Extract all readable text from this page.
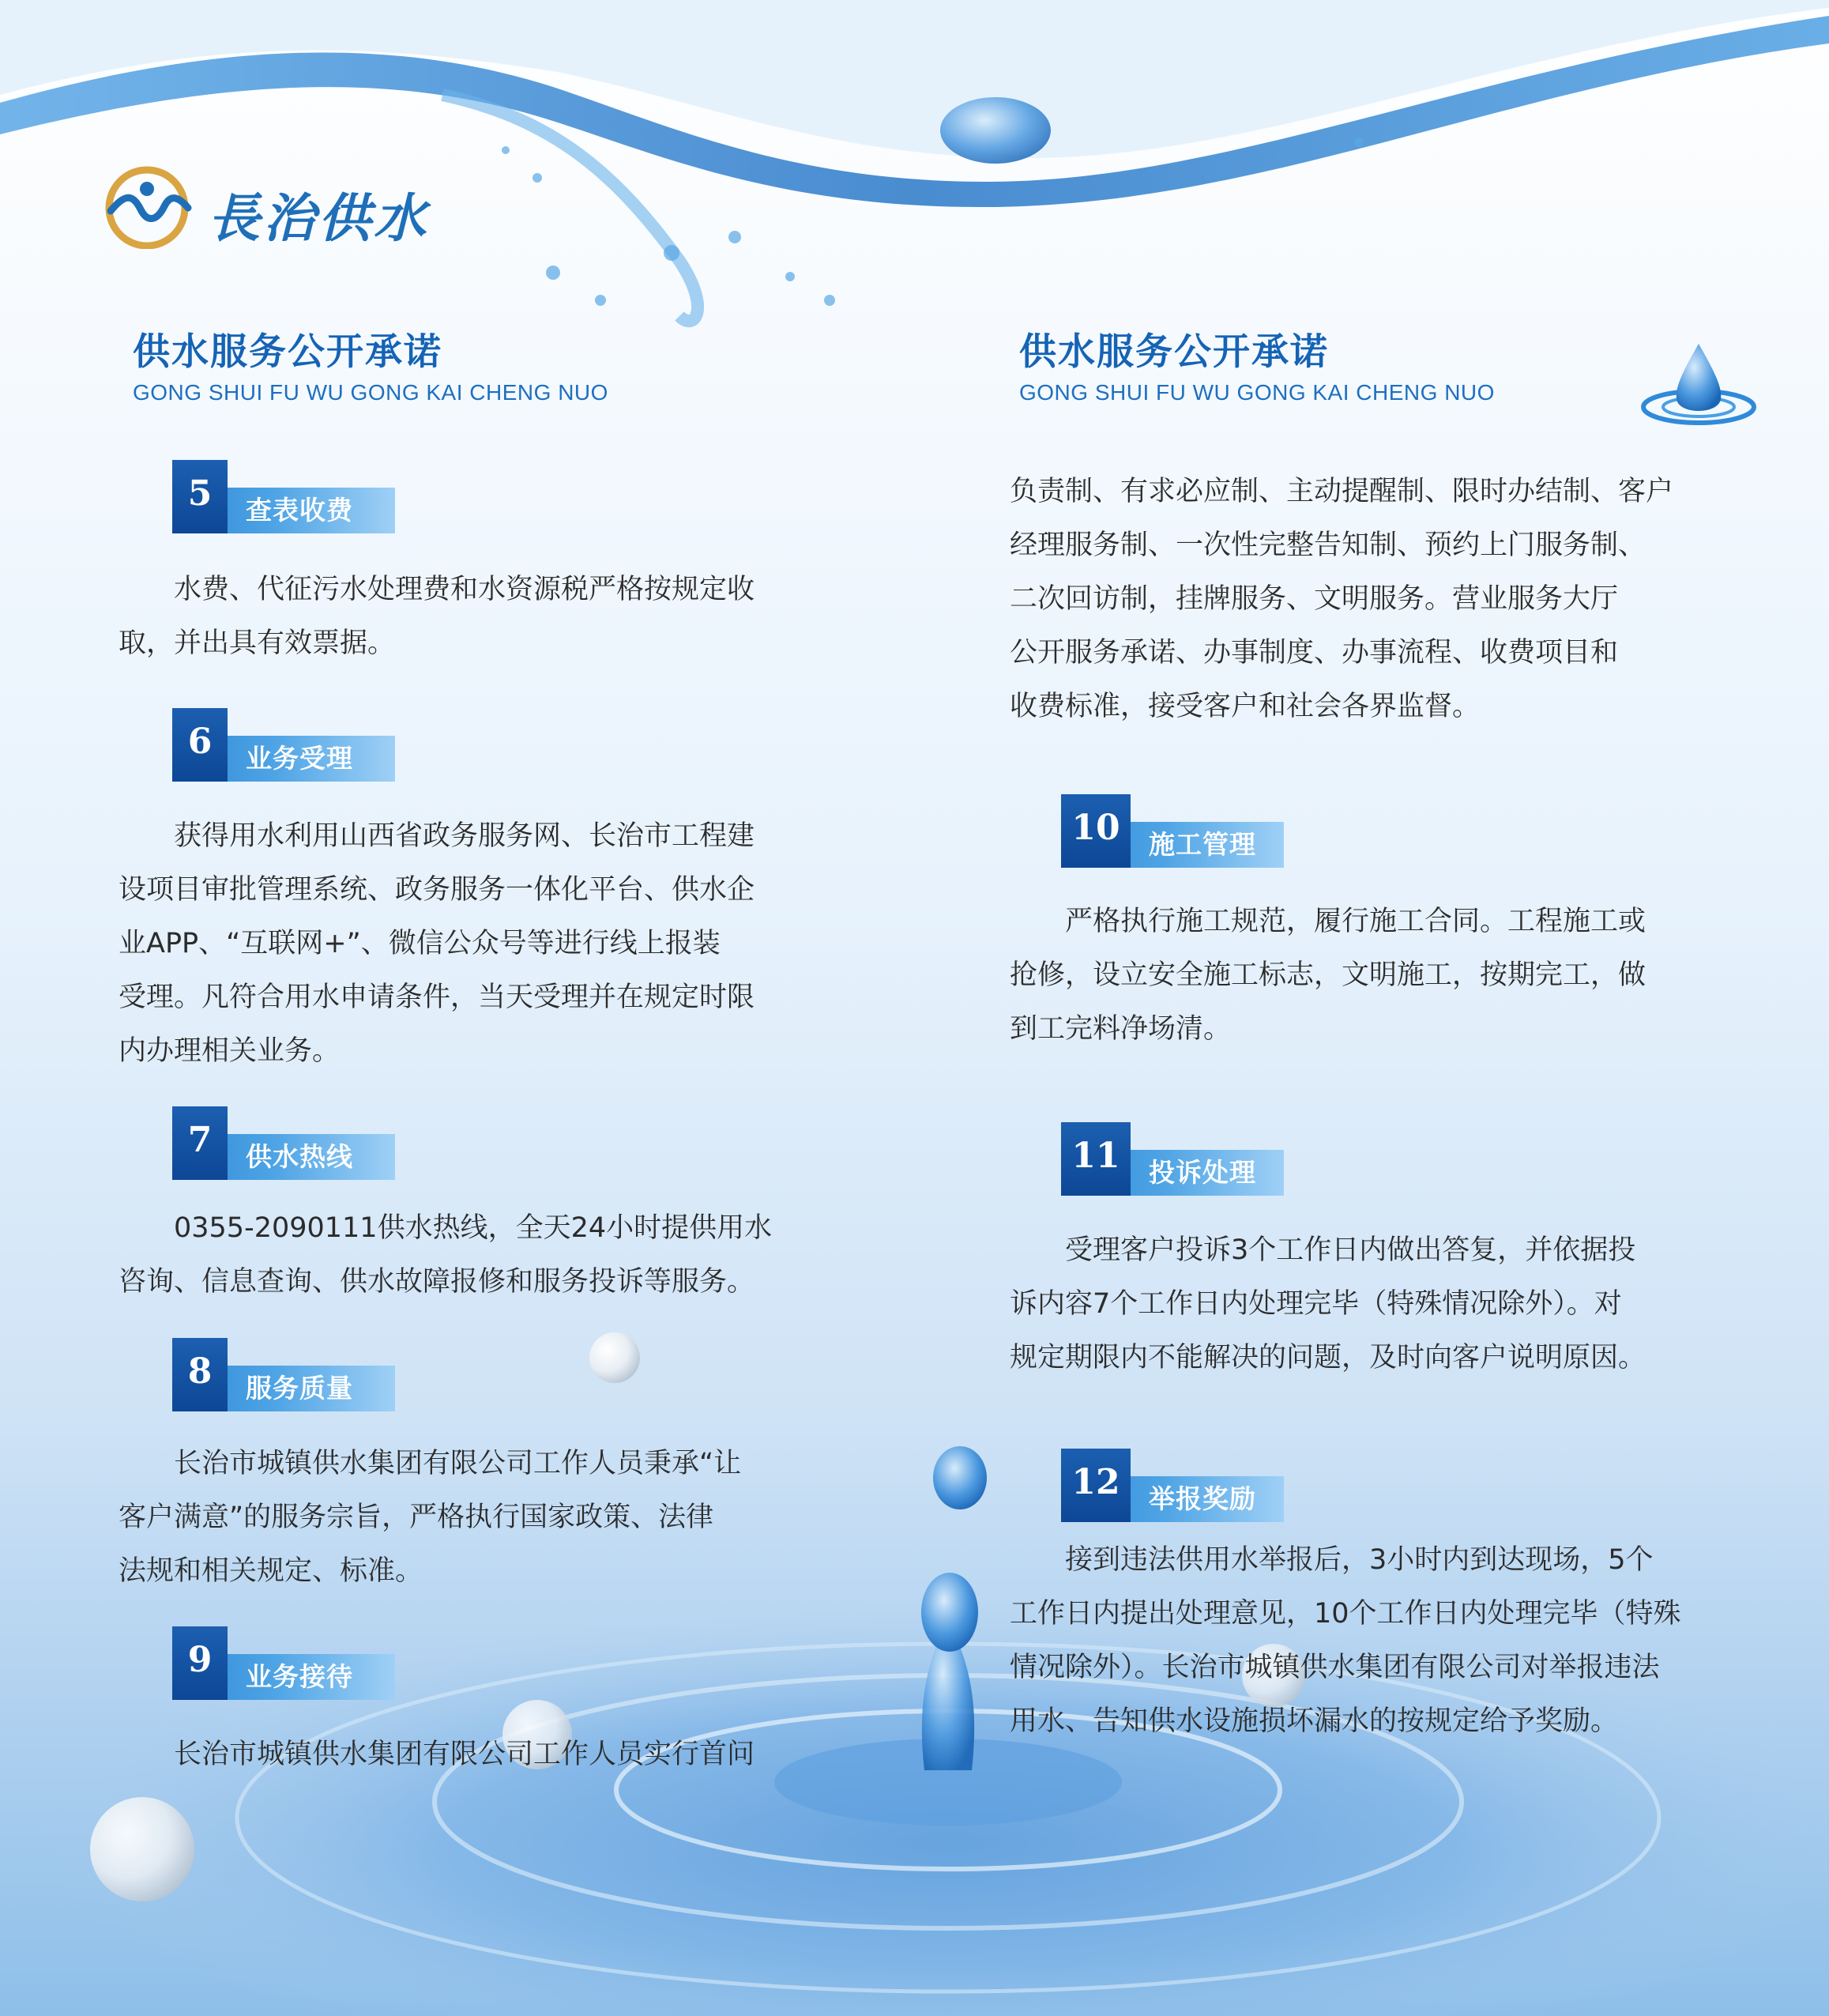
長治供水
供水服务公开承诺
GONG SHUI FU WU GONG KAI CHENG NUO
5	查表收费

水费、代征污水处理费和水资源税严格按规定收

取，并出具有效票据。

6	业务受理

获得用水利用山西省政务服务网、长治市工程建

设项目审批管理系统、政务服务一体化平台、供水企

业APP、“互联网+”、微信公众号等进行线上报装

受理。凡符合用水申请条件，当天受理并在规定时限

内办理相关业务。

7	供水热线

0355-2090111供水热线，全天24小时提供用水

咨询、信息查询、供水故障报修和服务投诉等服务。

8	服务质量

长治市城镇供水集团有限公司工作人员秉承“让

客户满意”的服务宗旨，严格执行国家政策、法律

法规和相关规定、标准。

9	业务接待

长治市城镇供水集团有限公司工作人员实行首问

供水服务公开承诺
GONG SHUI FU WU GONG KAI CHENG NUO

负责制、有求必应制、主动提醒制、限时办结制、客户

经理服务制、一次性完整告知制、预约上门服务制、

二次回访制，挂牌服务、文明服务。营业服务大厅

公开服务承诺、办事制度、办事流程、收费项目和

收费标准，接受客户和社会各界监督。

10	施工管理

严格执行施工规范，履行施工合同。工程施工或

抢修，设立安全施工标志，文明施工，按期完工，做

到工完料净场清。

11	投诉处理

受理客户投诉3个工作日内做出答复，并依据投

诉内容7个工作日内处理完毕（特殊情况除外）。对

规定期限内不能解决的问题，及时向客户说明原因。

12	举报奖励

接到违法供用水举报后，3小时内到达现场，5个

工作日内提出处理意见，10个工作日内处理完毕（特殊

情况除外）。长治市城镇供水集团有限公司对举报违法

用水、告知供水设施损坏漏水的按规定给予奖励。
